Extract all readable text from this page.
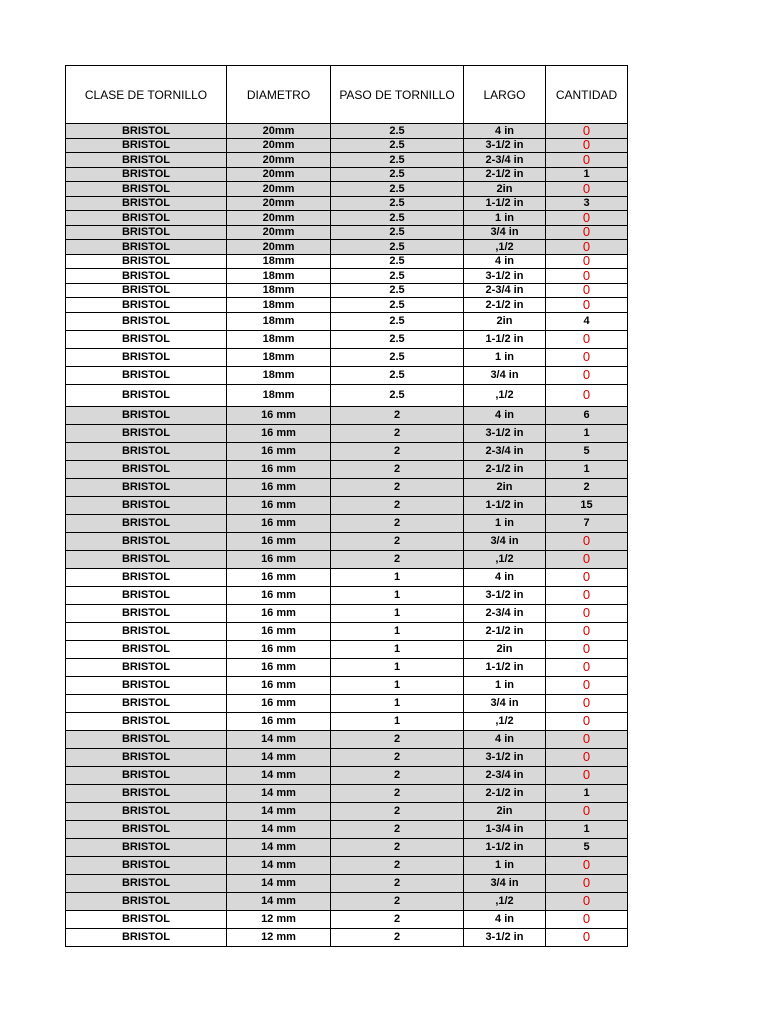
CLASE DE TORNILLO	DIAMETRO	PASO DE TORNILLO	LARGO	CANTIDAD
BRISTOL	20mm	2.5	4 in	0
BRISTOL	20mm	2.5	3-1/2 in	0
BRISTOL	20mm	2.5	2-3/4 in	0
BRISTOL	20mm	2.5	2-1/2 in	1
BRISTOL	20mm	2.5	2in	0
BRISTOL	20mm	2.5	1-1/2 in	3
BRISTOL	20mm	2.5	1 in	0
BRISTOL	20mm	2.5	3/4 in	0
BRISTOL	20mm	2.5	,1/2	0
BRISTOL	18mm	2.5	4 in	0
BRISTOL	18mm	2.5	3-1/2 in	0
BRISTOL	18mm	2.5	2-3/4 in	0
BRISTOL	18mm	2.5	2-1/2 in	0
BRISTOL	18mm	2.5	2in	4
BRISTOL	18mm	2.5	1-1/2 in	0
BRISTOL	18mm	2.5	1 in	0
BRISTOL	18mm	2.5	3/4 in	0
BRISTOL	18mm	2.5	,1/2	0
BRISTOL	16 mm	2	4 in	6
BRISTOL	16 mm	2	3-1/2 in	1
BRISTOL	16 mm	2	2-3/4 in	5
BRISTOL	16 mm	2	2-1/2 in	1
BRISTOL	16 mm	2	2in	2
BRISTOL	16 mm	2	1-1/2 in	15
BRISTOL	16 mm	2	1 in	7
BRISTOL	16 mm	2	3/4 in	0
BRISTOL	16 mm	2	,1/2	0
BRISTOL	16 mm	1	4 in	0
BRISTOL	16 mm	1	3-1/2 in	0
BRISTOL	16 mm	1	2-3/4 in	0
BRISTOL	16 mm	1	2-1/2 in	0
BRISTOL	16 mm	1	2in	0
BRISTOL	16 mm	1	1-1/2 in	0
BRISTOL	16 mm	1	1 in	0
BRISTOL	16 mm	1	3/4 in	0
BRISTOL	16 mm	1	,1/2	0
BRISTOL	14 mm	2	4 in	0
BRISTOL	14 mm	2	3-1/2 in	0
BRISTOL	14 mm	2	2-3/4 in	0
BRISTOL	14 mm	2	2-1/2 in	1
BRISTOL	14 mm	2	2in	0
BRISTOL	14 mm	2	1-3/4 in	1
BRISTOL	14 mm	2	1-1/2 in	5
BRISTOL	14 mm	2	1 in	0
BRISTOL	14 mm	2	3/4 in	0
BRISTOL	14 mm	2	,1/2	0
BRISTOL	12 mm	2	4 in	0
BRISTOL	12 mm	2	3-1/2 in	0
